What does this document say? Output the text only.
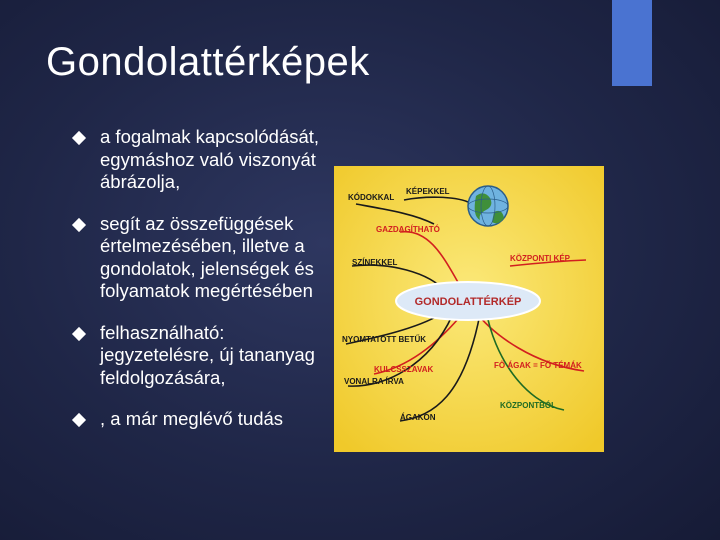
Gondolattérképek
a fogalmak kapcsolódását, egymáshoz való viszonyát ábrázolja,
segít az összefüggések értelmezésében, illetve a gondolatok, jelenségek és folyamatok megértésében
felhasználható: jegyzetelésre, új tananyag feldolgozására,
, a már meglévő tudás
GONDOLATTÉRKÉP
KÓDOKKAL
KÉPEKKEL
GAZDAGÍTHATÓ
SZÍNEKKEL	KÖZPONTI KÉP
NYOMTATOTT BETŰK
FŐ ÁGAK = FŐ TÉMÁK
KULCSSZAVAK
VONALRA ÍRVA
KÖZPONTBÓL
ÁGAKON
